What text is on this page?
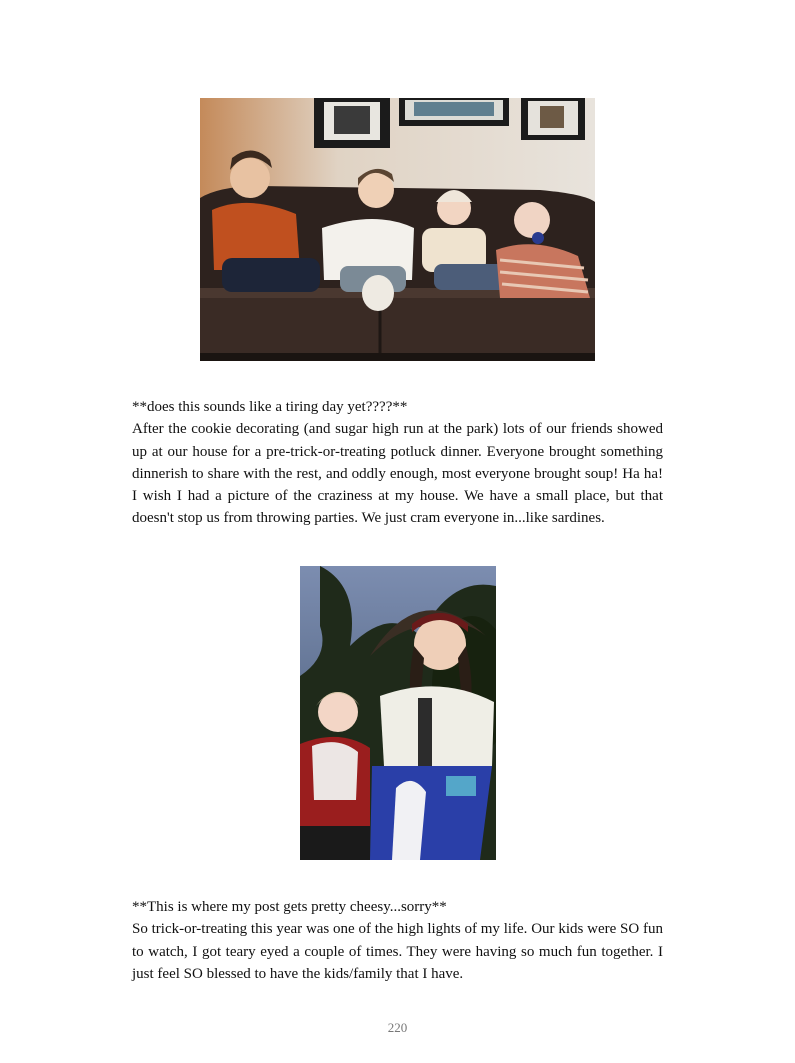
**does this sounds like a tiring day yet????**

After the cookie decorating (and sugar high run at the park) lots of our friends showed up at our house for a pre-trick-or-treating potluck dinner. Everyone brought something dinnerish to share with the rest, and oddly enough, most everyone brought soup! Ha ha! I wish I had a picture of the craziness at my house. We have a small place, but that doesn't stop us from throwing parties. We just cram everyone in...like sardines.

**This is where my post gets pretty cheesy...sorry**

So trick-or-treating this year was one of the high lights of my life. Our kids were SO fun to watch, I got teary eyed a couple of times. They were having so much fun together. I just feel SO blessed to have the kids/family that I have.

220
